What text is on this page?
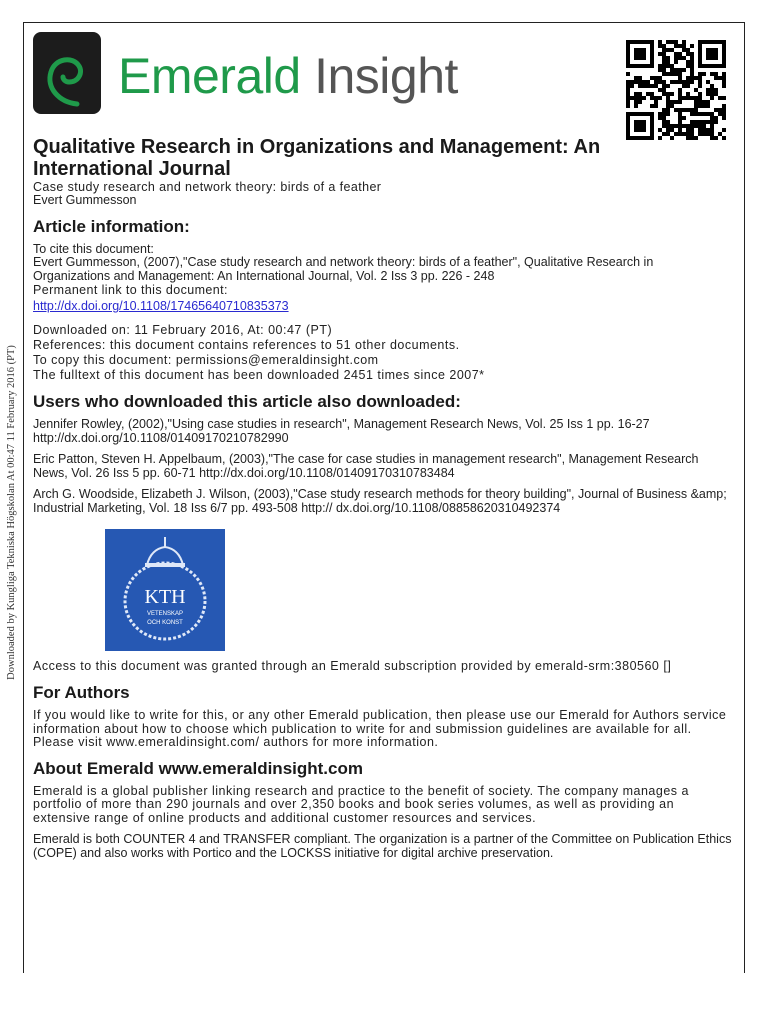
Downloaded by Kungliga Tekniska Högskolan At 00:47 11 February 2016 (PT)
Emerald Insight
Qualitative Research in Organizations and Management: An International Journal
Case study research and network theory: birds of a feather
Evert Gummesson
Article information:
To cite this document:
Evert Gummesson, (2007),"Case study research and network theory: birds of a feather", Qualitative Research in Organizations and Management: An International Journal, Vol. 2 Iss 3 pp. 226 - 248
Permanent link to this document:
http://dx.doi.org/10.1108/17465640710835373
Downloaded on: 11 February 2016, At: 00:47 (PT)
References: this document contains references to 51 other documents.
To copy this document: permissions@emeraldinsight.com
The fulltext of this document has been downloaded 2451 times since 2007*
Users who downloaded this article also downloaded:
Jennifer Rowley, (2002),"Using case studies in research", Management Research News, Vol. 25 Iss 1 pp. 16-27 http://dx.doi.org/10.1108/01409170210782990
Eric Patton, Steven H. Appelbaum, (2003),"The case for case studies in management research", Management Research News, Vol. 26 Iss 5 pp. 60-71 http://dx.doi.org/10.1108/01409170310783484
Arch G. Woodside, Elizabeth J. Wilson, (2003),"Case study research methods for theory building", Journal of Business &amp; Industrial Marketing, Vol. 18 Iss 6/7 pp. 493-508 http:// dx.doi.org/10.1108/08858620310492374
KTH
VETENSKAP
OCH KONST
Access to this document was granted through an Emerald subscription provided by emerald-srm:380560 []
For Authors
If you would like to write for this, or any other Emerald publication, then please use our Emerald for Authors service information about how to choose which publication to write for and submission guidelines are available for all. Please visit www.emeraldinsight.com/ authors for more information.
About Emerald www.emeraldinsight.com
Emerald is a global publisher linking research and practice to the benefit of society. The company manages a portfolio of more than 290 journals and over 2,350 books and book series volumes, as well as providing an extensive range of online products and additional customer resources and services.
Emerald is both COUNTER 4 and TRANSFER compliant. The organization is a partner of the Committee on Publication Ethics (COPE) and also works with Portico and the LOCKSS initiative for digital archive preservation.
